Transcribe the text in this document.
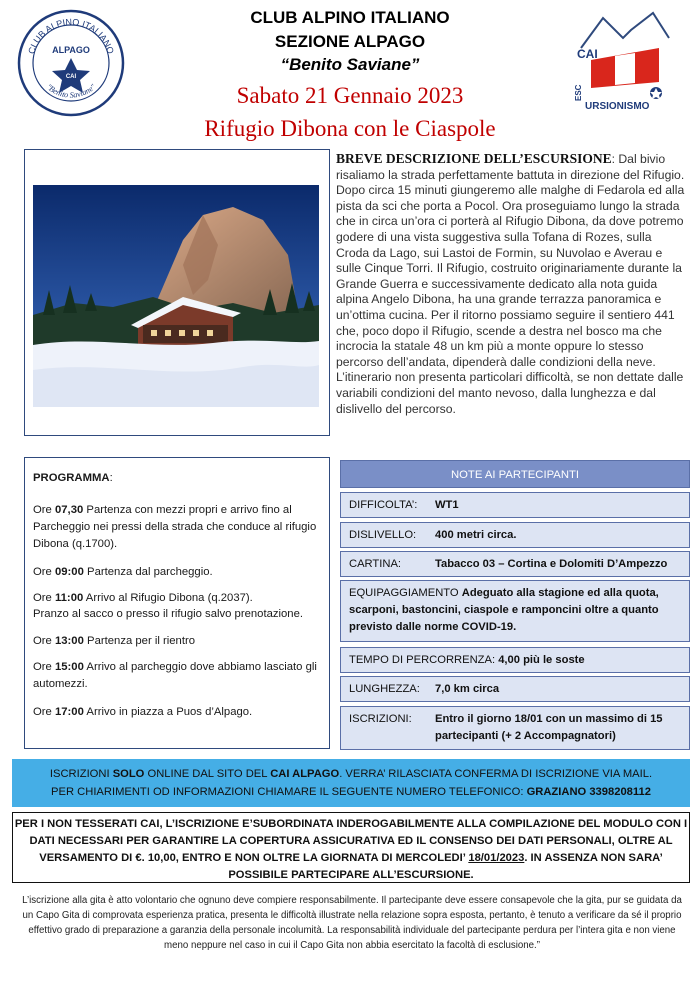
CLUB ALPINO ITALIANO
ALPAGO
CAI
"Benito Saviane"
CAI
ESC
URSIONISMO
CLUB ALPINO ITALIANO
SEZIONE ALPAGO
“Benito Saviane”
Sabato 21 Gennaio 2023
Rifugio Dibona con le Ciaspole
BREVE DESCRIZIONE DELL’ESCURSIONE: Dal bivio risaliamo la strada perfettamente battuta in direzione del Rifugio. Dopo circa 15 minuti giungeremo alle malghe di Fedarola ed alla pista da sci che porta a Pocol. Ora proseguiamo lungo la strada che in circa un’ora ci porterà al Rifugio Dibona, da dove potremo godere di una vista suggestiva sulla Tofana di Rozes, sulla Croda da Lago, sui Lastoi de Formin, su Nuvolao e Averau e sulle Cinque Torri. Il Rifugio, costruito originariamente durante la Grande Guerra e successivamente dedicato alla nota guida alpina Angelo Dibona, ha una grande terrazza panoramica e un’ottima cucina. Per il ritorno possiamo seguire il sentiero 441 che, poco dopo il Rifugio, scende a destra nel bosco ma che incrocia la statale 48 un km più a monte oppure lo stesso percorso dell’andata, dipenderà dalle condizioni della neve. L’itinerario non presenta particolari difficoltà, se non dettate dalle variabili condizioni del manto nevoso, dalla lunghezza e dal dislivello del percorso.
PROGRAMMA:
Ore 07,30 Partenza con mezzi propri e arrivo fino al Parcheggio nei pressi della strada che conduce al rifugio Dibona (q.1700).
Ore 09:00 Partenza dal parcheggio.
Ore 11:00 Arrivo al Rifugio Dibona (q.2037).
Pranzo al sacco o presso il rifugio salvo prenotazione.
Ore 13:00 Partenza per il rientro
Ore 15:00 Arrivo al parcheggio dove abbiamo lasciato gli automezzi.
Ore 17:00 Arrivo in piazza a Puos d’Alpago.
NOTE AI PARTECIPANTI
DIFFICOLTA’: WT1
DISLIVELLO: 400 metri circa.
CARTINA:	Tabacco 03 – Cortina e Dolomiti D’Ampezzo
EQUIPAGGIAMENTO Adeguato alla stagione ed alla quota, scarponi, bastoncini, ciaspole e ramponcini oltre a quanto previsto dalle norme COVID-19.
TEMPO DI PERCORRENZA: 4,00 più le soste
LUNGHEZZA: 7,0 km circa
ISCRIZIONI:	Entro il giorno 18/01 con un massimo di 15 partecipanti (+ 2 Accompagnatori)
ISCRIZIONI SOLO ONLINE DAL SITO DEL CAI ALPAGO. VERRA’ RILASCIATA CONFERMA DI ISCRIZIONE VIA MAIL.
PER CHIARIMENTI OD INFORMAZIONI CHIAMARE IL SEGUENTE NUMERO TELEFONICO: GRAZIANO 3398208112
PER I NON TESSERATI CAI, L’ISCRIZIONE E’SUBORDINATA INDEROGABILMENTE ALLA COMPILAZIONE DEL MODULO CON I DATI NECESSARI PER GARANTIRE LA COPERTURA ASSICURATIVA ED IL CONSENSO DEI DATI PERSONALI, OLTRE AL VERSAMENTO DI €. 10,00, ENTRO E NON OLTRE LA GIORNATA DI MERCOLEDI’ 18/01/2023. IN ASSENZA NON SARA’ POSSIBILE PARTECIPARE ALL’ESCURSIONE.
L’iscrizione alla gita è atto volontario che ognuno deve compiere responsabilmente. Il partecipante deve essere consapevole che la gita, pur se guidata da un Capo Gita di comprovata esperienza pratica, presenta le difficoltà illustrate nella relazione sopra esposta, pertanto, è tenuto a verificare da sé il proprio effettivo grado di preparazione a garanzia della personale incolumità. La responsabilità individuale del partecipante perdura per l’intera gita e non viene meno neppure nel caso in cui il Capo Gita non abbia esercitato la facoltà di esclusione.”
